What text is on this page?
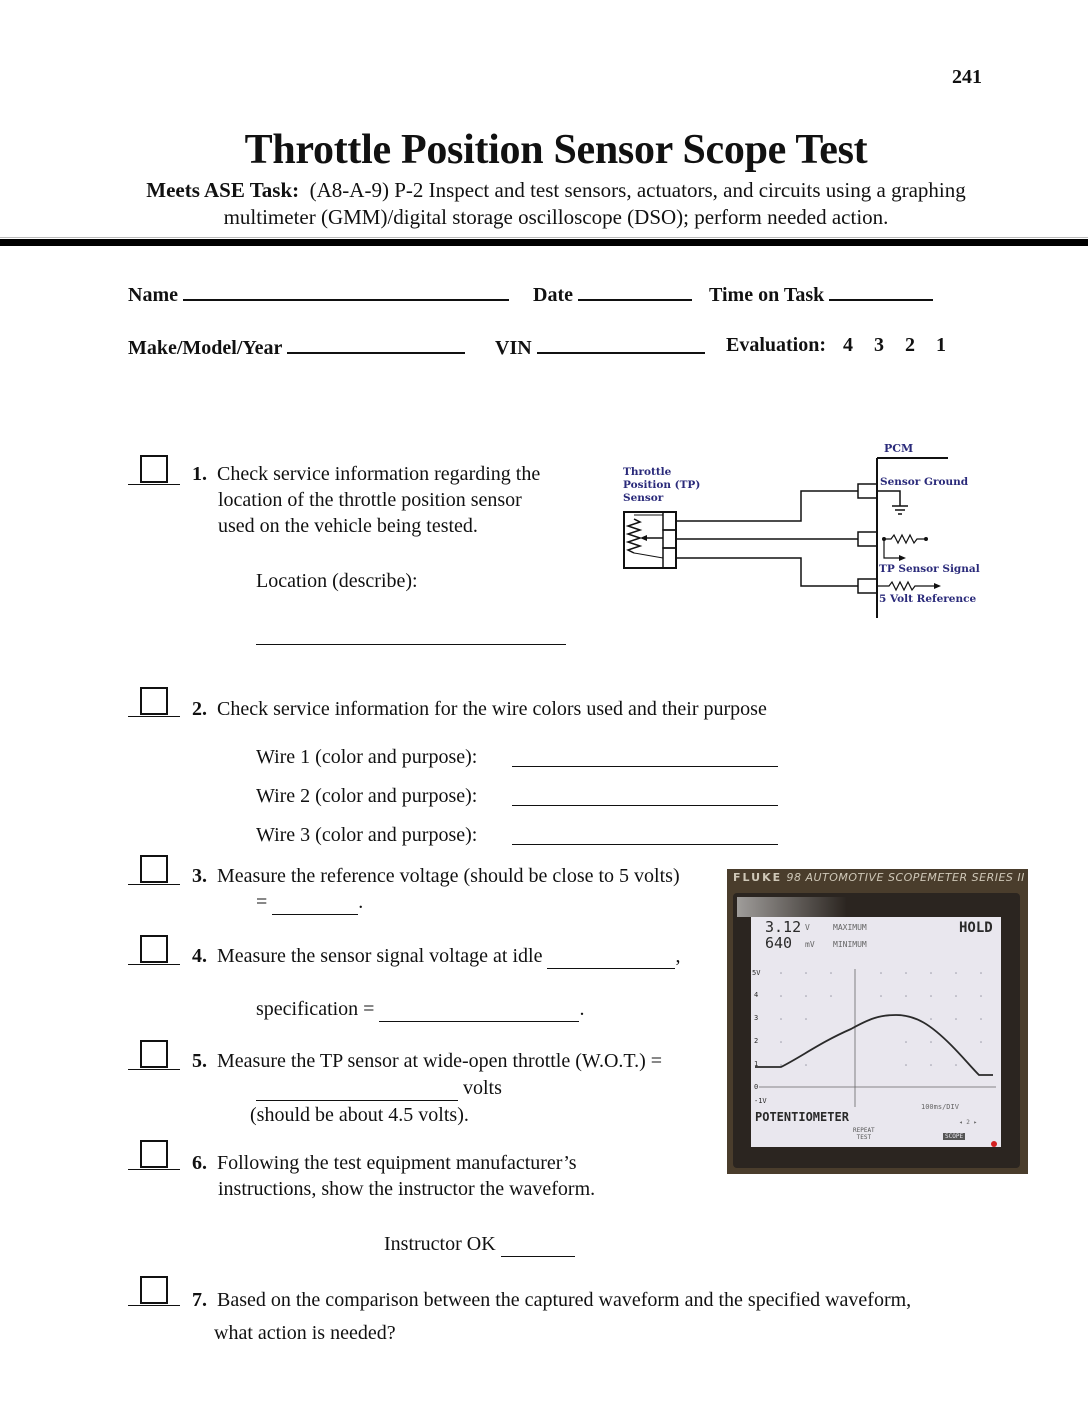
241
Throttle Position Sensor Scope Test
Meets ASE Task: (A8-A-9) P-2 Inspect and test sensors, actuators, and circuits using a graphing
multimeter (GMM)/digital storage oscilloscope (DSO); perform needed action.
Name	Date	Time on Task
Make/Model/Year	VIN	Evaluation: 4 3 2 1
1. Check service information regarding the
location of the throttle position sensor
used on the vehicle being tested.
Location (describe):
Throttle
Position (TP)
Sensor
PCM
Sensor Ground
TP Sensor Signal
5 Volt Reference
2. Check service information for the wire colors used and their purpose
Wire 1 (color and purpose):
Wire 2 (color and purpose):
Wire 3 (color and purpose):
3. Measure the reference voltage (should be close to 5 volts)
=	.
4. Measure the sensor signal voltage at idle	,
specification =	.
5. Measure the TP sensor at wide-open throttle (W.O.T.) =
volts
(should be about 4.5 volts).
6. Following the test equipment manufacturer’s
instructions, show the instructor the waveform.
Instructor OK
7. Based on the comparison between the captured waveform and the specified waveform,
what action is needed?
FLUKE 98 AUTOMOTIVE SCOPEMETER SERIES II
3.12 V	MAXIMUM
640 mV MINIMUM
HOLD
5V
4
3
2
1
0
-1V
100ms/DIV
POTENTIOMETER	◂ 2 ▸
REPEAT
TEST	SCOPE
